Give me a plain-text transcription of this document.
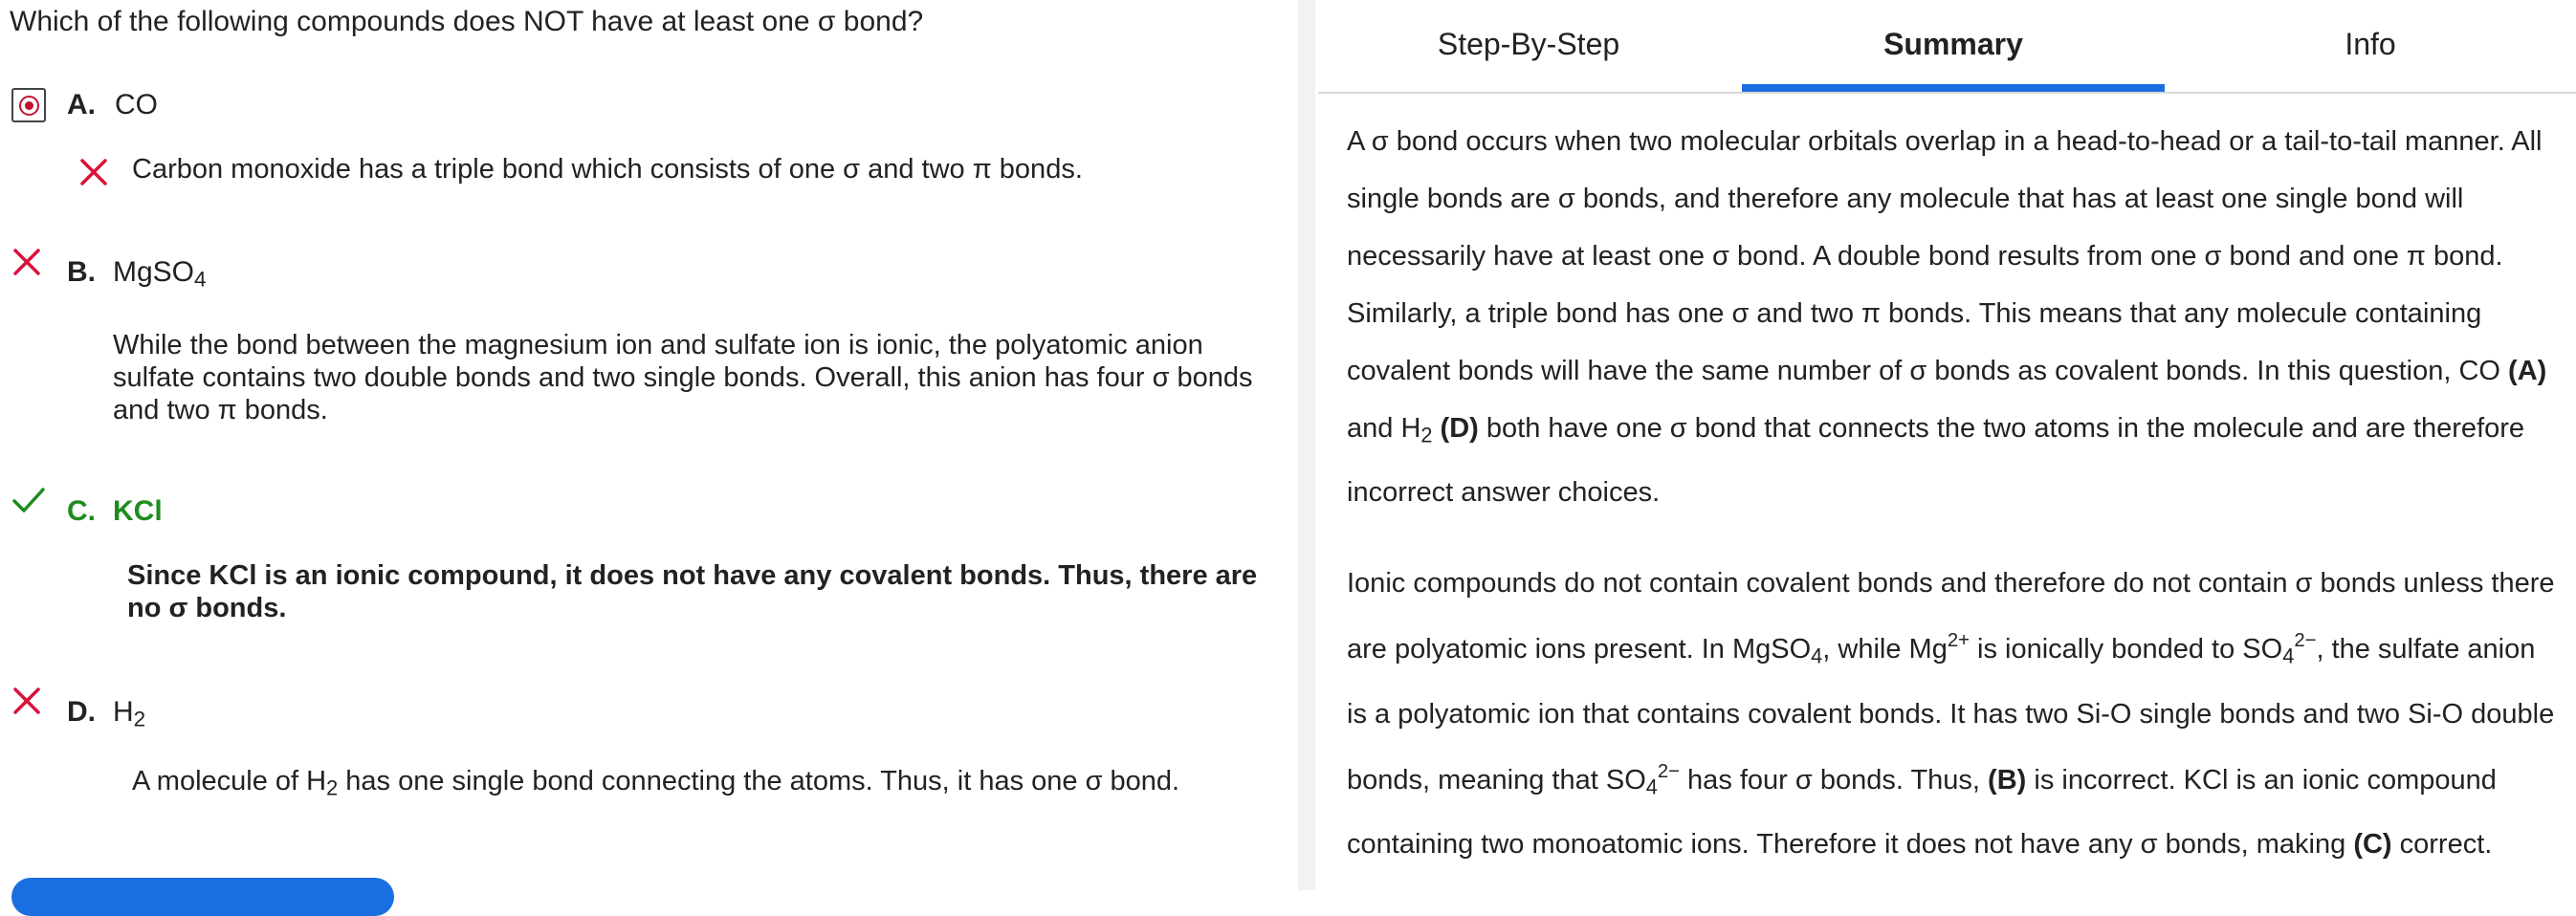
Which of the following compounds does NOT have at least one σ bond?
A. CO
Carbon monoxide has a triple bond which consists of one σ and two π bonds.
B. MgSO$_4$
While the bond between the magnesium ion and sulfate ion is ionic, the polyatomic anion sulfate contains two double bonds and two single bonds. Overall, this anion has four σ bonds and two π bonds.
C. KCl
Since KCl is an ionic compound, it does not have any covalent bonds. Thus, there are no σ bonds.
D. $H_2$
A molecule of $H_2$ has one single bond connecting the atoms. Thus, it has one σ bond.
Step-By-Step	Summary	Info
A σ bond occurs when two molecular orbitals overlap in a head-to-head or a tail-to-tail manner. All single bonds are σ bonds, and therefore any molecule that has at least one single bond will necessarily have at least one σ bond. A double bond results from one σ bond and one π bond. Similarly, a triple bond has one σ and two π bonds. This means that any molecule containing covalent bonds will have the same number of σ bonds as covalent bonds. In this question, CO (A) and $H_2$ (D) both have one σ bond that connects the two atoms in the molecule and are therefore incorrect answer choices.
Ionic compounds do not contain covalent bonds and therefore do not contain σ bonds unless there are polyatomic ions present. In MgSO$_4$, while $Mg^{2+}$ is ionically bonded to $SO_4^{2-}$, the sulfate anion is a polyatomic ion that contains covalent bonds. It has two Si-O single bonds and two Si-O double bonds, meaning that $SO_4^{2-}$ has four σ bonds. Thus, (B) is incorrect. KCl is an ionic compound containing two monoatomic ions. Therefore it does not have any σ bonds, making (C) correct.
